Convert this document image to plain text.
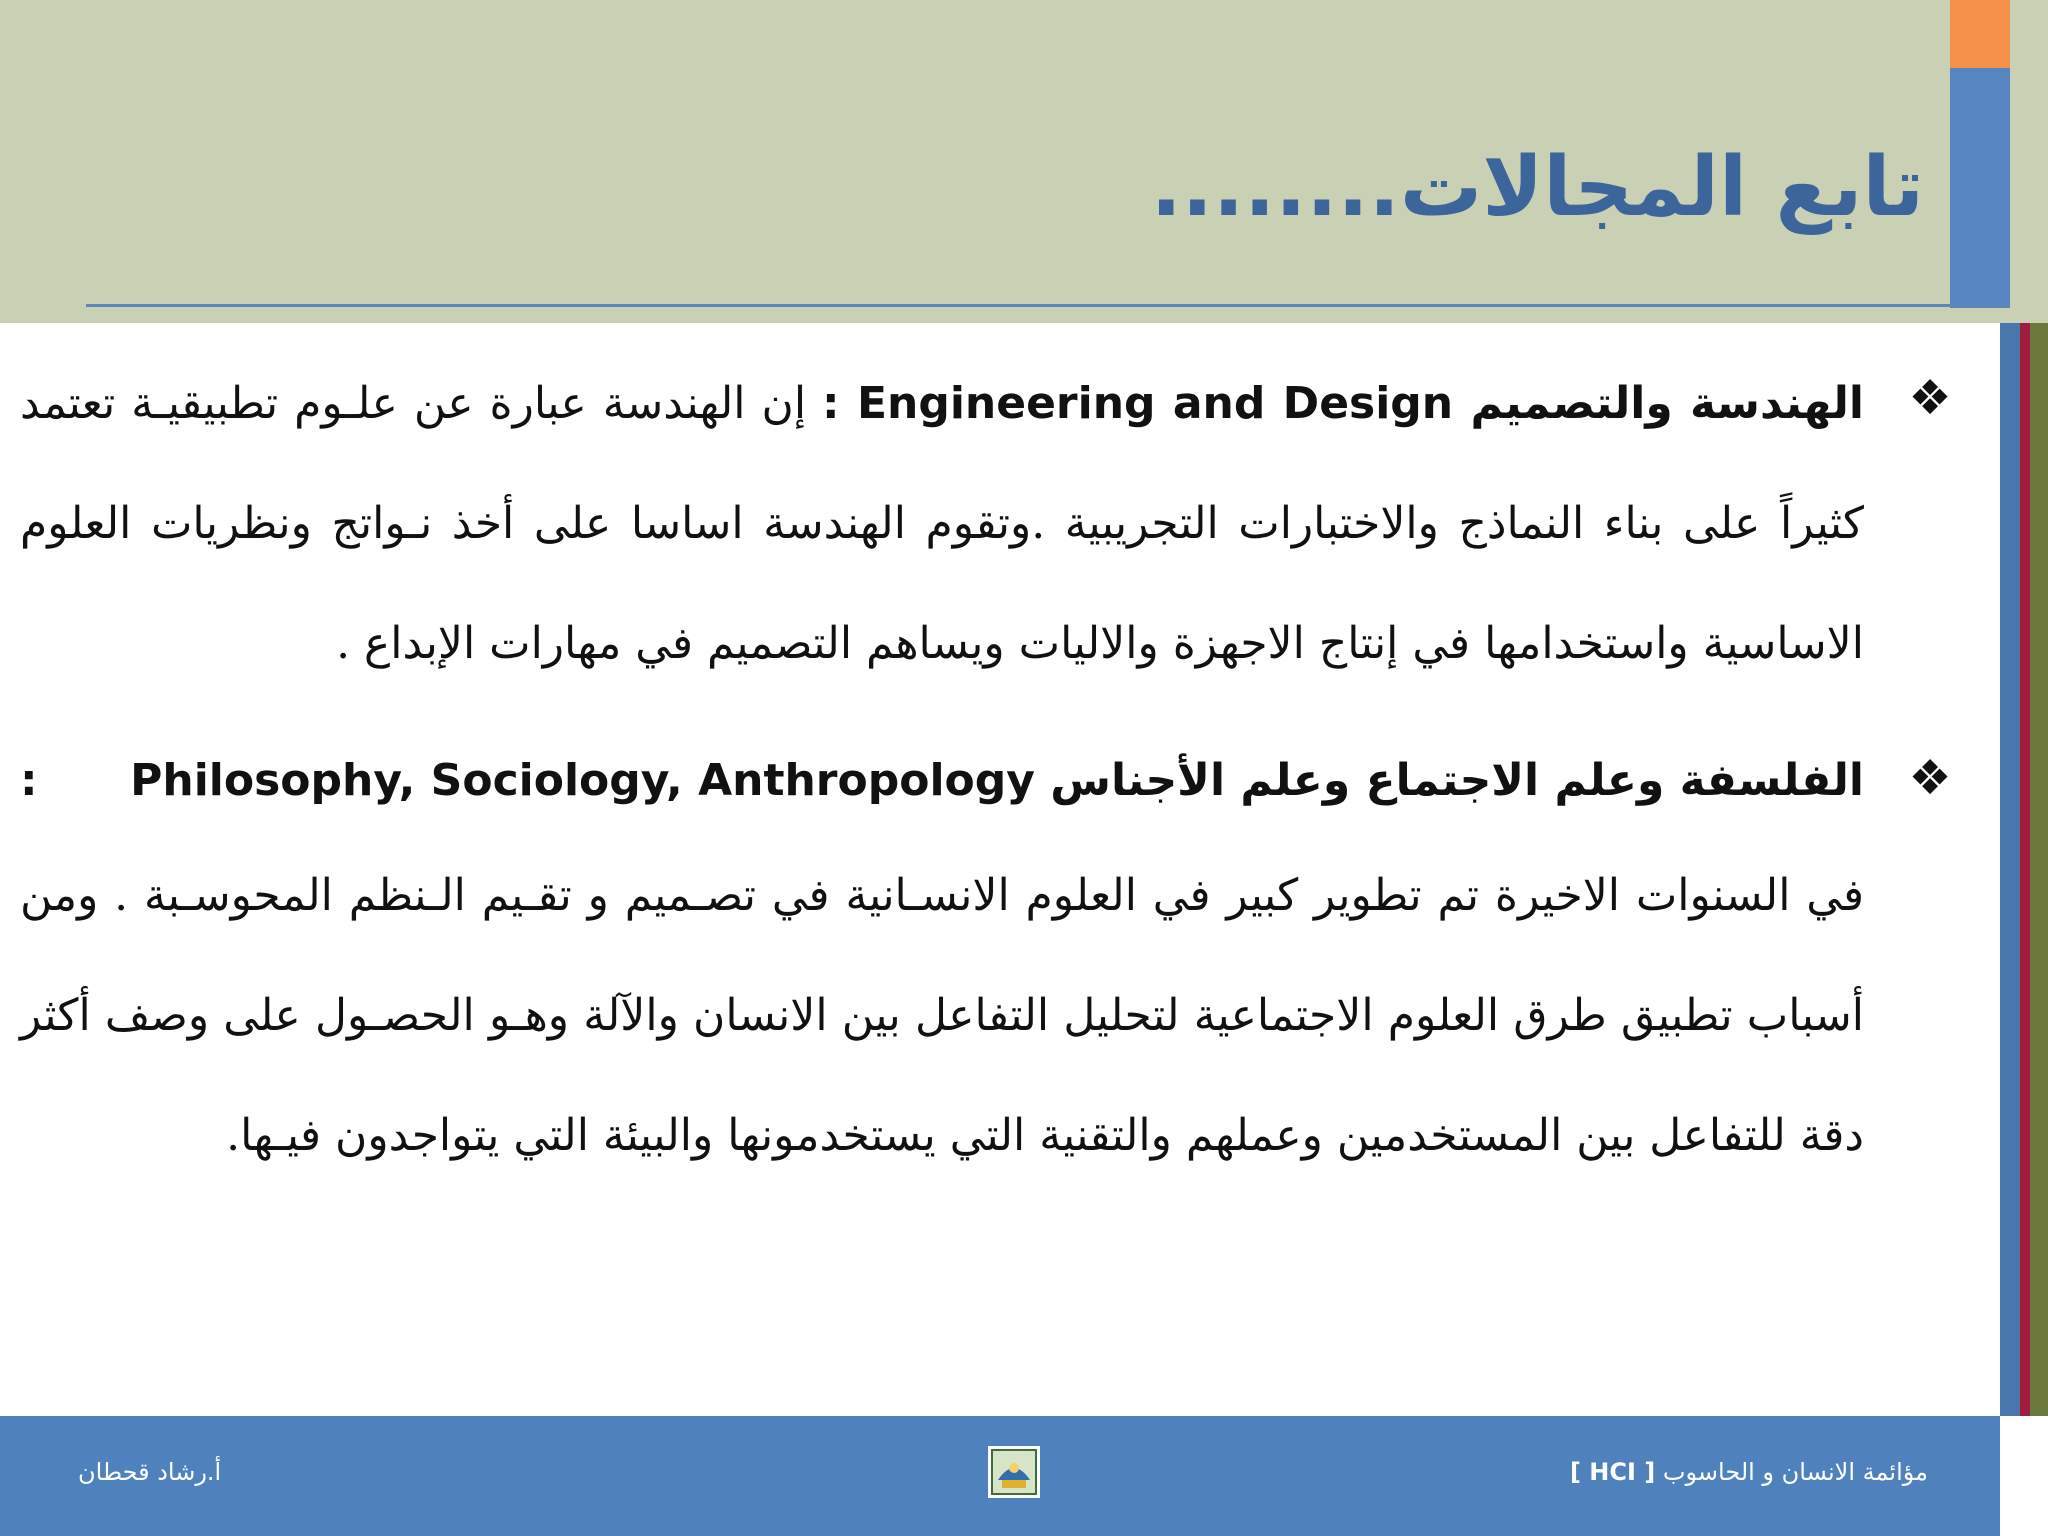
تابع المجالات........
❖

الهندسة والتصميم Engineering and Design : إن الهندسة عبارة عن علـوم تطبيقيـة تعتمد كثيراً على بناء النماذج والاختبارات التجريبية .وتقوم الهندسة اساسا على أخذ نـواتج ونظريات العلوم الاساسية واستخدامها في إنتاج الاجهزة والاليات ويساهم التصميم في مهارات الإبداع .

❖
الفلسفة وعلم الاجتماع وعلم الأجناس Philosophy, Sociology, Anthropology
:

في السنوات الاخيرة تم تطوير كبير في العلوم الانسـانية في تصـميم و تقـيم الـنظم المحوسـبة . ومن أسباب تطبيق طرق العلوم الاجتماعية لتحليل التفاعل بين الانسان والآلة وهـو الحصـول على وصف أكثر دقة للتفاعل بين المستخدمين وعملهم والتقنية التي يستخدمونها والبيئة التي يتواجدون فيـها.

أ.رشاد قحطان	مؤائمة الانسان و الحاسوب [ HCI ]
